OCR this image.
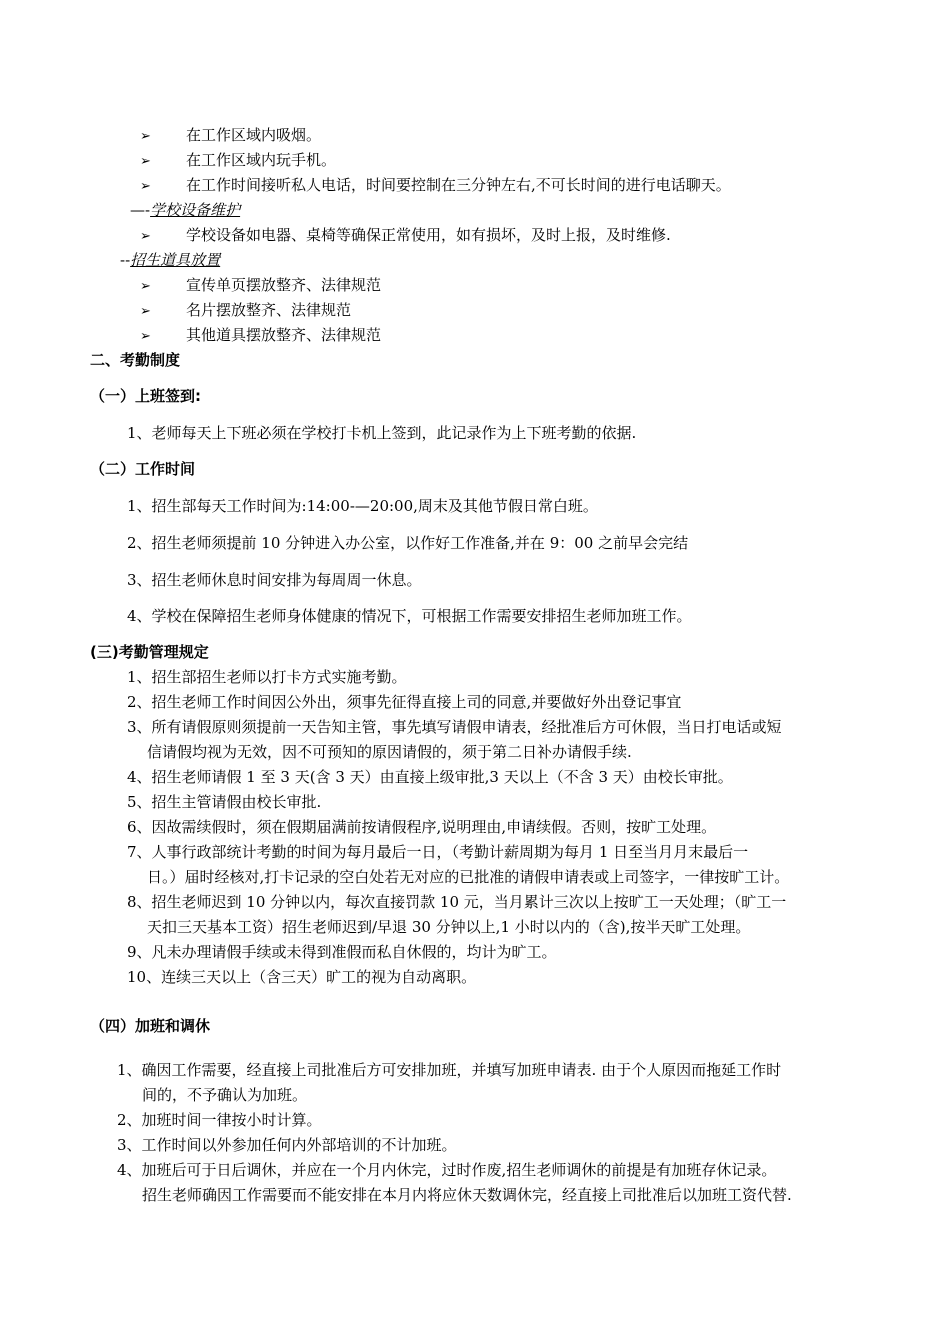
➢ 在工作区域内吸烟。
➢ 在工作区域内玩手机。
➢ 在工作时间接听私人电话，时间要控制在三分钟左右,不可长时间的进行电话聊天。
—-学校设备维护
➢ 学校设备如电器、桌椅等确保正常使用，如有损坏，及时上报，及时维修.
--招生道具放置
➢ 宣传单页摆放整齐、法律规范
➢ 名片摆放整齐、法律规范
➢ 其他道具摆放整齐、法律规范
二、考勤制度
（一）上班签到:
1、老师每天上下班必须在学校打卡机上签到，此记录作为上下班考勤的依据.
（二）工作时间
1、招生部每天工作时间为:14:00-—20:00,周末及其他节假日常白班。
2、招生老师须提前 10 分钟进入办公室，以作好工作准备,并在 9：00 之前早会完结
3、招生老师休息时间安排为每周周一休息。
4、学校在保障招生老师身体健康的情况下，可根据工作需要安排招生老师加班工作。
(三)考勤管理规定
1、招生部招生老师以打卡方式实施考勤。
2、招生老师工作时间因公外出，须事先征得直接上司的同意,并要做好外出登记事宜
3、所有请假原则须提前一天告知主管，事先填写请假申请表，经批准后方可休假，当日打电话或短
信请假均视为无效，因不可预知的原因请假的，须于第二日补办请假手续.
4、招生老师请假 1 至 3 天(含 3 天）由直接上级审批,3 天以上（不含 3 天）由校长审批。
5、招生主管请假由校长审批.
6、因故需续假时，须在假期届满前按请假程序,说明理由,申请续假。否则，按旷工处理。
7、人事行政部统计考勤的时间为每月最后一日，（考勤计薪周期为每月 1 日至当月月末最后一
日。）届时经核对,打卡记录的空白处若无对应的已批准的请假申请表或上司签字，一律按旷工计。
8、招生老师迟到 10 分钟以内，每次直接罚款 10 元，当月累计三次以上按旷工一天处理；（旷工一
天扣三天基本工资）招生老师迟到/早退 30 分钟以上,1 小时以内的（含),按半天旷工处理。
9、凡未办理请假手续或未得到准假而私自休假的，均计为旷工。
10、连续三天以上（含三天）旷工的视为自动离职。
（四）加班和调休
1、确因工作需要，经直接上司批准后方可安排加班，并填写加班申请表. 由于个人原因而拖延工作时
间的，不予确认为加班。
2、加班时间一律按小时计算。
3、工作时间以外参加任何内外部培训的不计加班。
4、加班后可于日后调休，并应在一个月内休完，过时作废,招生老师调休的前提是有加班存休记录。
招生老师确因工作需要而不能安排在本月内将应休天数调休完，经直接上司批准后以加班工资代替.
